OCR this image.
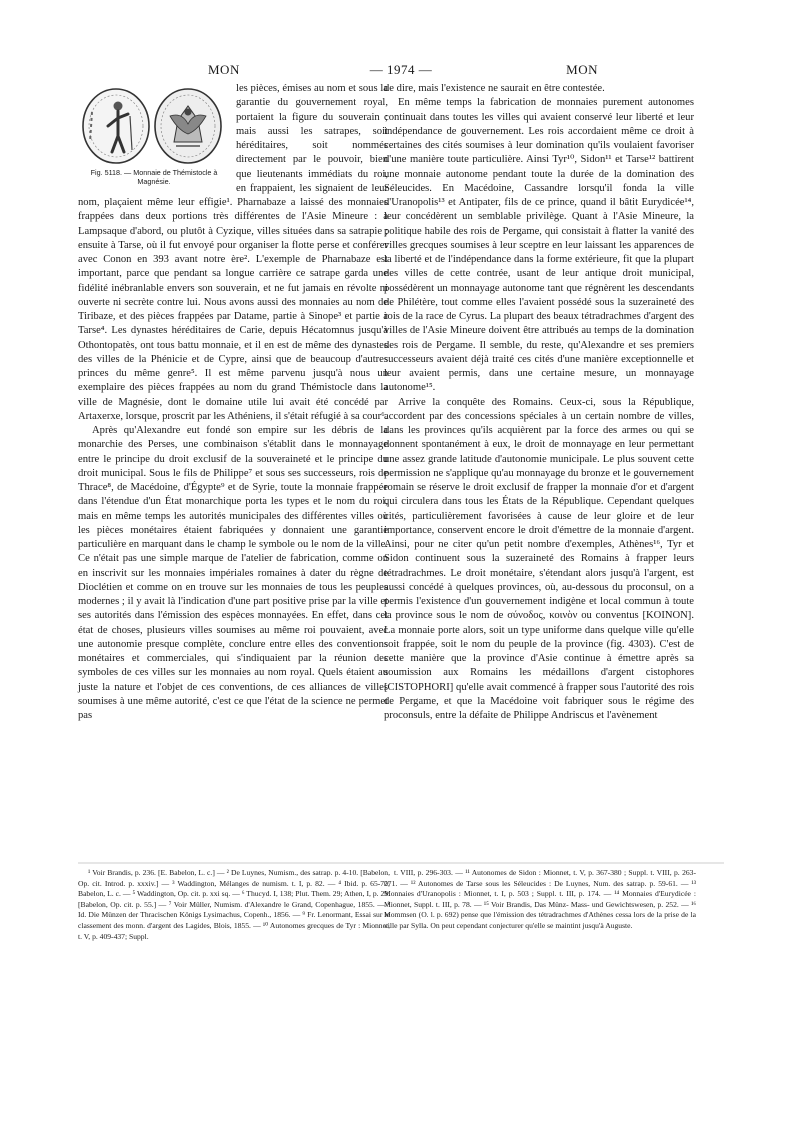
MON	— 1974 —	MON
Fig. 5118. — Monnaie de Thémistocle à Magnésie.

les pièces, émises au nom et sous la garantie du gouvernement royal, portaient la figure du souverain ; mais aussi les satrapes, soit héréditaires, soit nommés directement par le pouvoir, bien que lieutenants immédiats du roi, en frappaient, les signaient de leur nom, plaçaient même leur effigie¹. Pharnabaze a laissé des monnaies frappées dans deux portions très différentes de l'Asie Mineure : à Lampsaque d'abord, ou plutôt à Cyzique, villes situées dans sa satrapie ; ensuite à Tarse, où il fut envoyé pour organiser la flotte perse et conférer avec Conon en 393 avant notre ère². L'exemple de Pharnabaze est important, parce que pendant sa longue carrière ce satrape garda une fidélité inébranlable envers son souverain, et ne fut jamais en révolte ni ouverte ni secrète contre lui. Nous avons aussi des monnaies au nom de Tiribaze, et des pièces frappées par Datame, partie à Sinope³ et partie à Tarse⁴. Les dynastes héréditaires de Carie, depuis Hécatomnus jusqu'à Othontopatès, ont tous battu monnaie, et il en est de même des dynastes des villes de la Phénicie et de Cypre, ainsi que de beaucoup d'autres princes du même genre⁵. Il est même parvenu jusqu'à nous un exemplaire des pièces frappées au nom du grand Thémistocle dans la ville de Magnésie, dont le domaine utile lui avait été concédé par Artaxerxe, lorsque, proscrit par les Athéniens, il s'était réfugié à sa cour⁶.

Après qu'Alexandre eut fondé son empire sur les débris de la monarchie des Perses, une combinaison s'établit dans le monnayage entre le principe du droit exclusif de la souveraineté et le principe du droit municipal. Sous le fils de Philippe⁷ et sous ses successeurs, rois de Thrace⁸, de Macédoine, d'Égypte⁹ et de Syrie, toute la monnaie frappée dans l'étendue d'un État monarchique porta les types et le nom du roi, mais en même temps les autorités municipales des différentes villes où les pièces monétaires étaient fabriquées y donnaient une garantie particulière en marquant dans le champ le symbole ou le nom de la ville. Ce n'était pas une simple marque de l'atelier de fabrication, comme on en inscrivit sur les monnaies impériales romaines à dater du règne de Dioclétien et comme on en trouve sur les monnaies de tous les peuples modernes ; il y avait là l'indication d'une part positive prise par la ville et ses autorités dans l'émission des espèces monnayées. En effet, dans cet état de choses, plusieurs villes soumises au même roi pouvaient, avec une autonomie presque complète, conclure entre elles des conventions monétaires et commerciales, qui s'indiquaient par la réunion des symboles de ces villes sur les monnaies au nom royal. Quels étaient au juste la nature et l'objet de ces conventions, de ces alliances de villes soumises à une même autorité, c'est ce que l'état de la science ne permet pas

de dire, mais l'existence ne saurait en être contestée.

En même temps la fabrication de monnaies purement autonomes continuait dans toutes les villes qui avaient conservé leur liberté et leur indépendance de gouvernement. Les rois accordaient même ce droit à certaines des cités soumises à leur domination qu'ils voulaient favoriser d'une manière toute particulière. Ainsi Tyr¹⁰, Sidon¹¹ et Tarse¹² battirent une monnaie autonome pendant toute la durée de la domination des Séleucides. En Macédoine, Cassandre lorsqu'il fonda la ville d'Uranopolis¹³ et Antipater, fils de ce prince, quand il bâtit Eurydicée¹⁴, leur concédèrent un semblable privilège. Quant à l'Asie Mineure, la politique habile des rois de Pergame, qui consistait à flatter la vanité des villes grecques soumises à leur sceptre en leur laissant les apparences de la liberté et de l'indépendance dans la forme extérieure, fit que la plupart des villes de cette contrée, usant de leur antique droit municipal, possédèrent un monnayage autonome tant que régnèrent les descendants de Philétère, tout comme elles l'avaient possédé sous la suzeraineté des rois de la race de Cyrus. La plupart des beaux tétradrachmes d'argent des villes de l'Asie Mineure doivent être attribués au temps de la domination des rois de Pergame. Il semble, du reste, qu'Alexandre et ses premiers successeurs avaient déjà traité ces cités d'une manière exceptionnelle et leur avaient permis, dans une certaine mesure, un monnayage autonome¹⁵.

Arrive la conquête des Romains. Ceux-ci, sous la République, accordent par des concessions spéciales à un certain nombre de villes, dans les provinces qu'ils acquièrent par la force des armes ou qui se donnent spontanément à eux, le droit de monnayage en leur permettant une assez grande latitude d'autonomie municipale. Le plus souvent cette permission ne s'applique qu'au monnayage du bronze et le gouvernement romain se réserve le droit exclusif de frapper la monnaie d'or et d'argent qui circulera dans tous les États de la République. Cependant quelques cités, particulièrement favorisées à cause de leur gloire et de leur importance, conservent encore le droit d'émettre de la monnaie d'argent. Ainsi, pour ne citer qu'un petit nombre d'exemples, Athènes¹⁶, Tyr et Sidon continuent sous la suzeraineté des Romains à frapper leurs tétradrachmes. Le droit monétaire, s'étendant alors jusqu'à l'argent, est aussi concédé à quelques provinces, où, au-dessous du proconsul, on a permis l'existence d'un gouvernement indigène et local commun à toute la province sous le nom de σύνοδος, κοινὸν ou conventus [KOINON]. La monnaie porte alors, soit un type uniforme dans quelque ville qu'elle soit frappée, soit le nom du peuple de la province (fig. 4303). C'est de cette manière que la province d'Asie continue à émettre après sa soumission aux Romains les médaillons d'argent cistophores [CISTOPHORI] qu'elle avait commencé à frapper sous l'autorité des rois de Pergame, et que la Macédoine voit fabriquer sous le régime des proconsuls, entre la défaite de Philippe Andriscus et l'avènement

¹ Voir Brandis, p. 236. [E. Babelon, L. c.] — ² De Luynes, Numism., des satrap. p. 4-10. [Babelon, Op. cit. Introd. p. xxxiv.] — ³ Waddington, Mélanges de numism. t. I, p. 82. — ⁴ Ibid. p. 65-70; Babelon, L. c. — ⁵ Waddington, Op. cit. p. xxi sq. — ⁶ Thucyd. I, 138; Plut. Them. 29; Athen, I, p. 29. [Babelon, Op. cit. p. 55.] — ⁷ Voir Müller, Numism. d'Alexandre le Grand, Copenhague, 1855. — ⁸ Id. Die Münzen der Thracischen Königs Lysimachus, Copenh., 1856. — ⁹ Fr. Lenormant, Essai sur le classement des monn. d'argent des Lagides, Blois, 1855. — ¹⁰ Autonomes grecques de Tyr : Mionnet, t. V, p. 409-437; Suppl.

t. VIII, p. 296-303. — ¹¹ Autonomes de Sidon : Mionnet, t. V, p. 367-380 ; Suppl. t. VIII, p. 263-271. — ¹² Autonomes de Tarse sous les Séleucides : De Luynes, Num. des satrap. p. 59-61. — ¹³ Monnaies d'Uranopolis : Mionnet, t. I, p. 503 ; Suppl. t. III, p. 174. — ¹⁴ Monnaies d'Eurydicée : Mionnet, Suppl. t. III, p. 78. — ¹⁵ Voir Brandis, Das Münz- Mass- und Gewichtswesen, p. 252. — ¹⁶ Mommsen (O. l. p. 692) pense que l'émission des tétradrachmes d'Athènes cessa lors de la prise de la ville par Sylla. On peut cependant conjecturer qu'elle se maintint jusqu'à Auguste.
